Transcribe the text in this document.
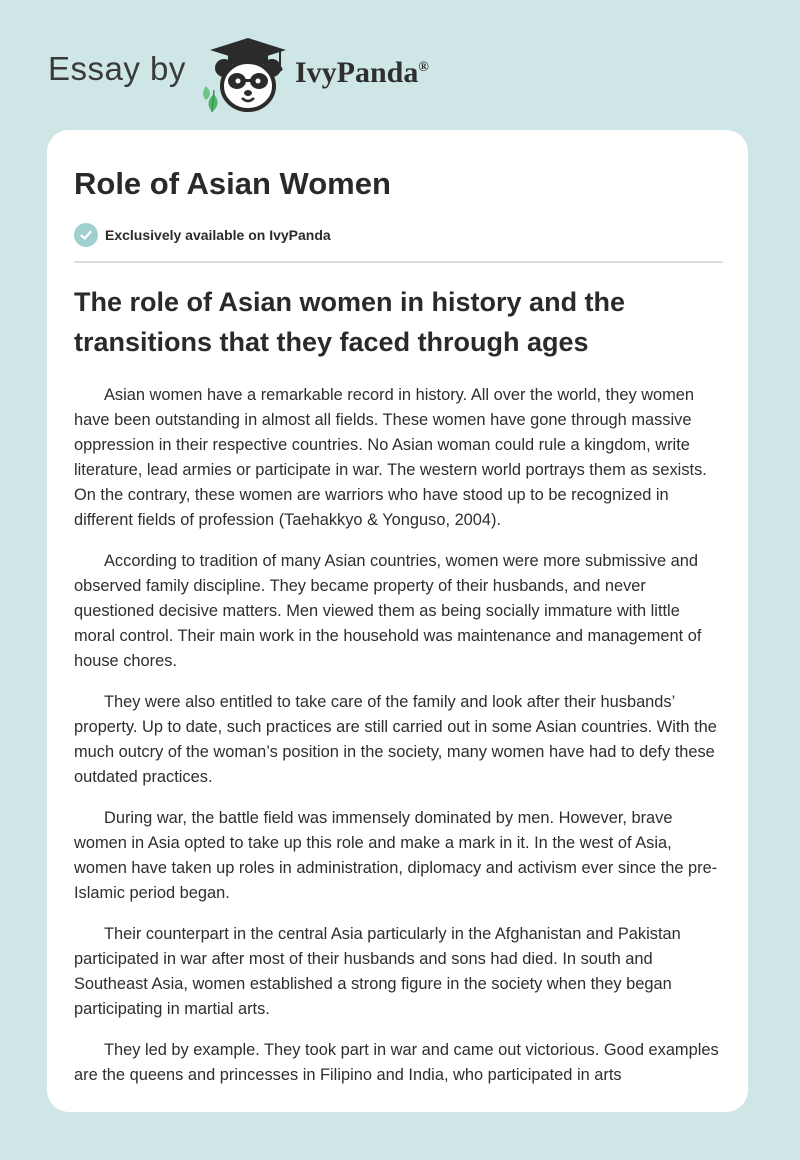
Essay by	IvyPanda®
Role of Asian Women
Exclusively available on IvyPanda
The role of Asian women in history and the transitions that they faced through ages

Asian women have a remarkable record in history. All over the world, they women have been outstanding in almost all fields. These women have gone through massive oppression in their respective countries. No Asian woman could rule a kingdom, write literature, lead armies or participate in war. The western world portrays them as sexists. On the contrary, these women are warriors who have stood up to be recognized in different fields of profession (Taehakkyo & Yonguso, 2004).

According to tradition of many Asian countries, women were more submissive and observed family discipline. They became property of their husbands, and never questioned decisive matters. Men viewed them as being socially immature with little moral control. Their main work in the household was maintenance and management of house chores.

They were also entitled to take care of the family and look after their husbands’ property. Up to date, such practices are still carried out in some Asian countries. With the much outcry of the woman’s position in the society, many women have had to defy these outdated practices.

During war, the battle field was immensely dominated by men. However, brave women in Asia opted to take up this role and make a mark in it. In the west of Asia, women have taken up roles in administration, diplomacy and activism ever since the pre-Islamic period began.

Their counterpart in the central Asia particularly in the Afghanistan and Pakistan participated in war after most of their husbands and sons had died. In south and Southeast Asia, women established a strong figure in the society when they began participating in martial arts.

They led by example. They took part in war and came out victorious. Good examples are the queens and princesses in Filipino and India, who participated in arts
